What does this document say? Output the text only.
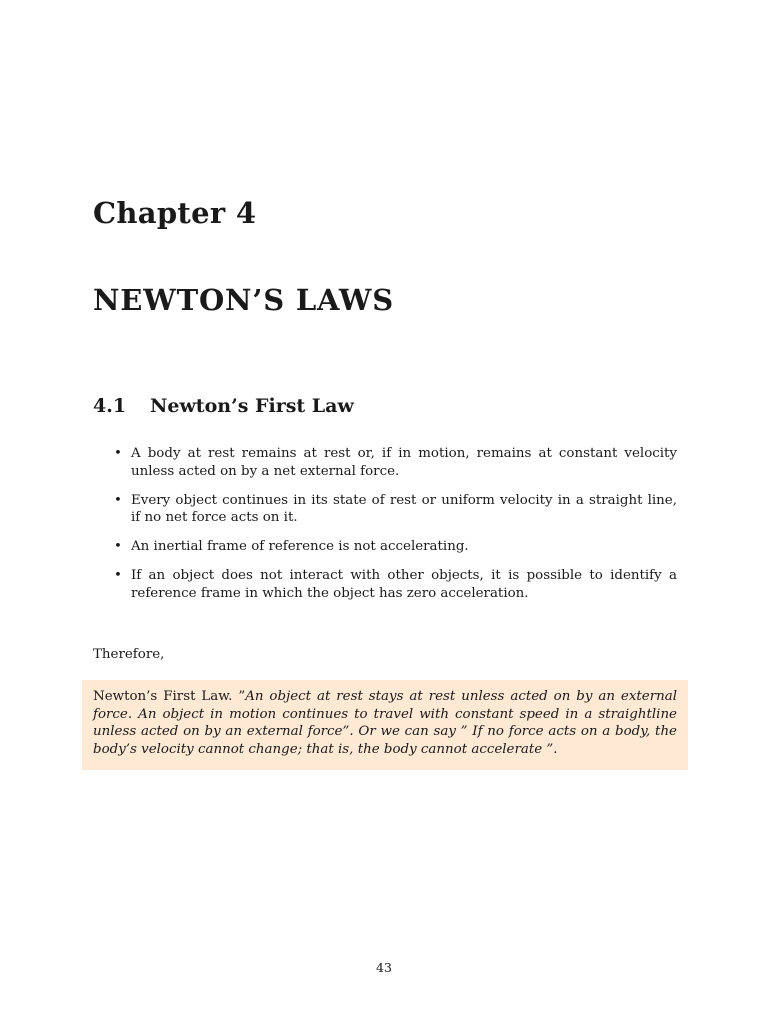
Chapter 4
NEWTON’S LAWS
4.1 Newton’s First Law
• A body at rest remains at rest or, if in motion, remains at constant velocity unless acted on by a net external force.
• Every object continues in its state of rest or uniform velocity in a straight line, if no net force acts on it.
• An inertial frame of reference is not accelerating.
• If an object does not interact with other objects, it is possible to identify a reference frame in which the object has zero acceleration.

Therefore,

Newton’s First Law. ”An object at rest stays at rest unless acted on by an external force. An object in motion continues to travel with constant speed in a straightline unless acted on by an external force”. Or we can say ” If no force acts on a body, the body’s velocity cannot change; that is, the body cannot accelerate ”.
43
